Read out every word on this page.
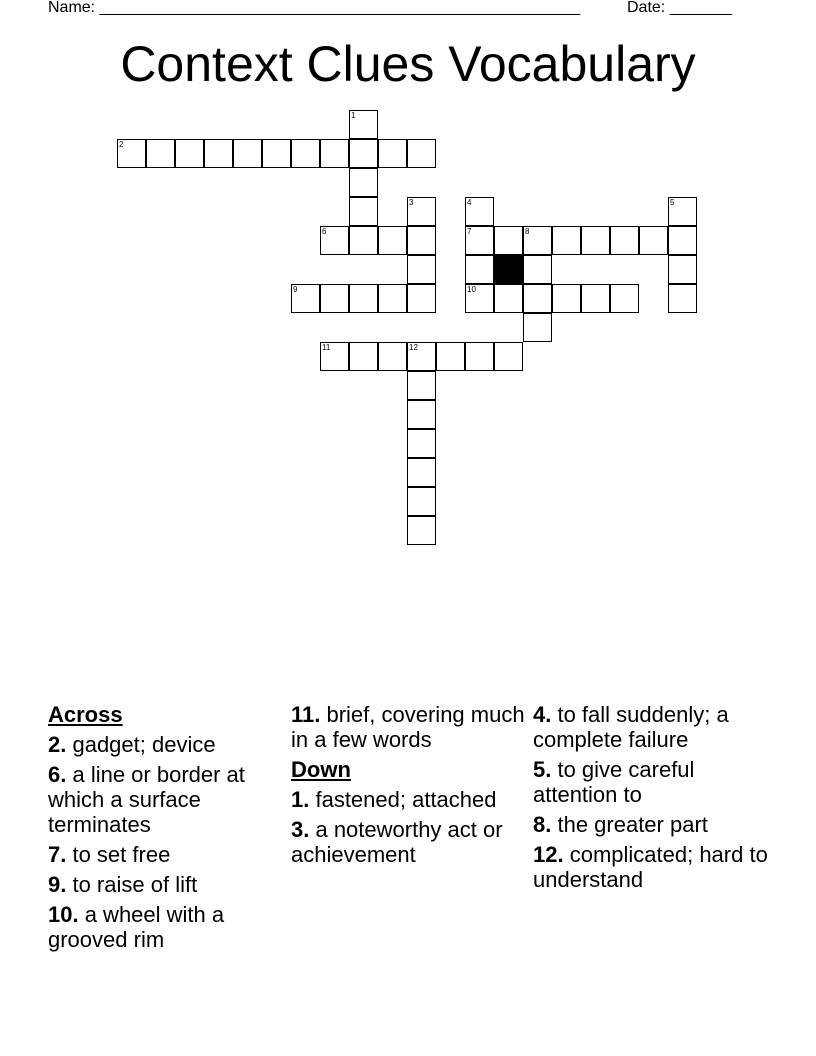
Name: ______________________________________________________	Date: _______
Context Clues Vocabulary
1
2
3	4	5
6	7	8
9	10
11	12
Across
2. gadget; device
6. a line or border at which a surface terminates
7. to set free
9. to raise of lift
10. a wheel with a grooved rim
11. brief, covering much in a few words
Down
1. fastened; attached
3. a noteworthy act or achievement
4. to fall suddenly; a complete failure
5. to give careful attention to
8. the greater part
12. complicated; hard to understand
